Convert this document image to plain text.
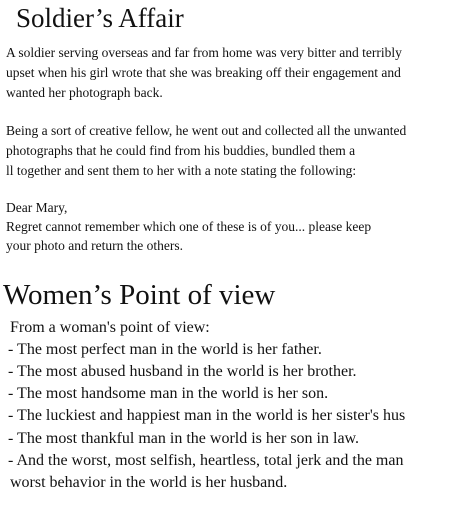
Soldier’s Affair
A soldier serving overseas and far from home was very bitter and terribly
upset when his girl wrote that she was breaking off their engagement and
wanted her photograph back.
Being a sort of creative fellow, he went out and collected all the unwanted
photographs that he could find from his buddies, bundled them a
ll together and sent them to her with a note stating the following:
Dear Mary,
Regret cannot remember which one of these is of you... please keep
your photo and return the others.
Women’s Point of view
From a woman's point of view:
- The most perfect man in the world is her father.
- The most abused husband in the world is her brother.
- The most handsome man in the world is her son.
- The luckiest and happiest man in the world is her sister's hus
- The most thankful man in the world is her son in law.
- And the worst, most selfish, heartless, total jerk and the man
worst behavior in the world is her husband.
